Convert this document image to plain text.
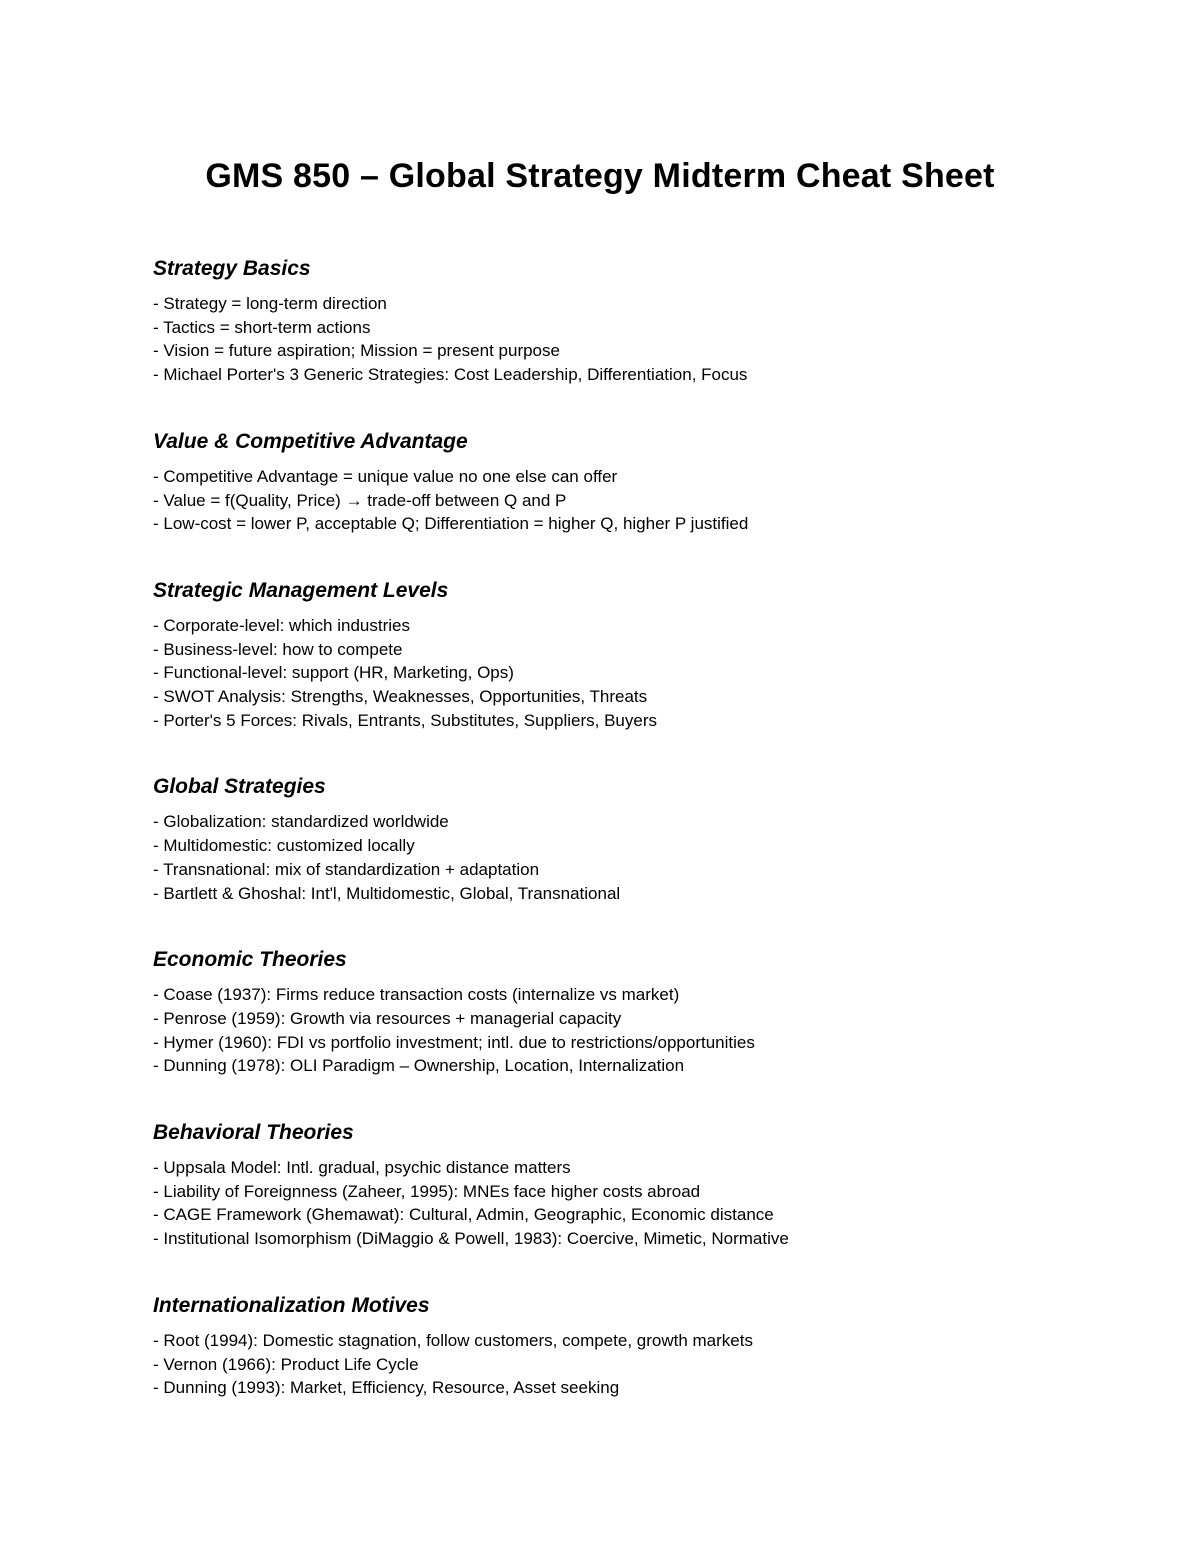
GMS 850 – Global Strategy Midterm Cheat Sheet
Strategy Basics
- Strategy = long-term direction
- Tactics = short-term actions
- Vision = future aspiration; Mission = present purpose
- Michael Porter's 3 Generic Strategies: Cost Leadership, Differentiation, Focus
Value & Competitive Advantage
- Competitive Advantage = unique value no one else can offer
- Value = f(Quality, Price) → trade-off between Q and P
- Low-cost = lower P, acceptable Q; Differentiation = higher Q, higher P justified
Strategic Management Levels
- Corporate-level: which industries
- Business-level: how to compete
- Functional-level: support (HR, Marketing, Ops)
- SWOT Analysis: Strengths, Weaknesses, Opportunities, Threats
- Porter's 5 Forces: Rivals, Entrants, Substitutes, Suppliers, Buyers
Global Strategies
- Globalization: standardized worldwide
- Multidomestic: customized locally
- Transnational: mix of standardization + adaptation
- Bartlett & Ghoshal: Int'l, Multidomestic, Global, Transnational
Economic Theories
- Coase (1937): Firms reduce transaction costs (internalize vs market)
- Penrose (1959): Growth via resources + managerial capacity
- Hymer (1960): FDI vs portfolio investment; intl. due to restrictions/opportunities
- Dunning (1978): OLI Paradigm – Ownership, Location, Internalization
Behavioral Theories
- Uppsala Model: Intl. gradual, psychic distance matters
- Liability of Foreignness (Zaheer, 1995): MNEs face higher costs abroad
- CAGE Framework (Ghemawat): Cultural, Admin, Geographic, Economic distance
- Institutional Isomorphism (DiMaggio & Powell, 1983): Coercive, Mimetic, Normative
Internationalization Motives
- Root (1994): Domestic stagnation, follow customers, compete, growth markets
- Vernon (1966): Product Life Cycle
- Dunning (1993): Market, Efficiency, Resource, Asset seeking
